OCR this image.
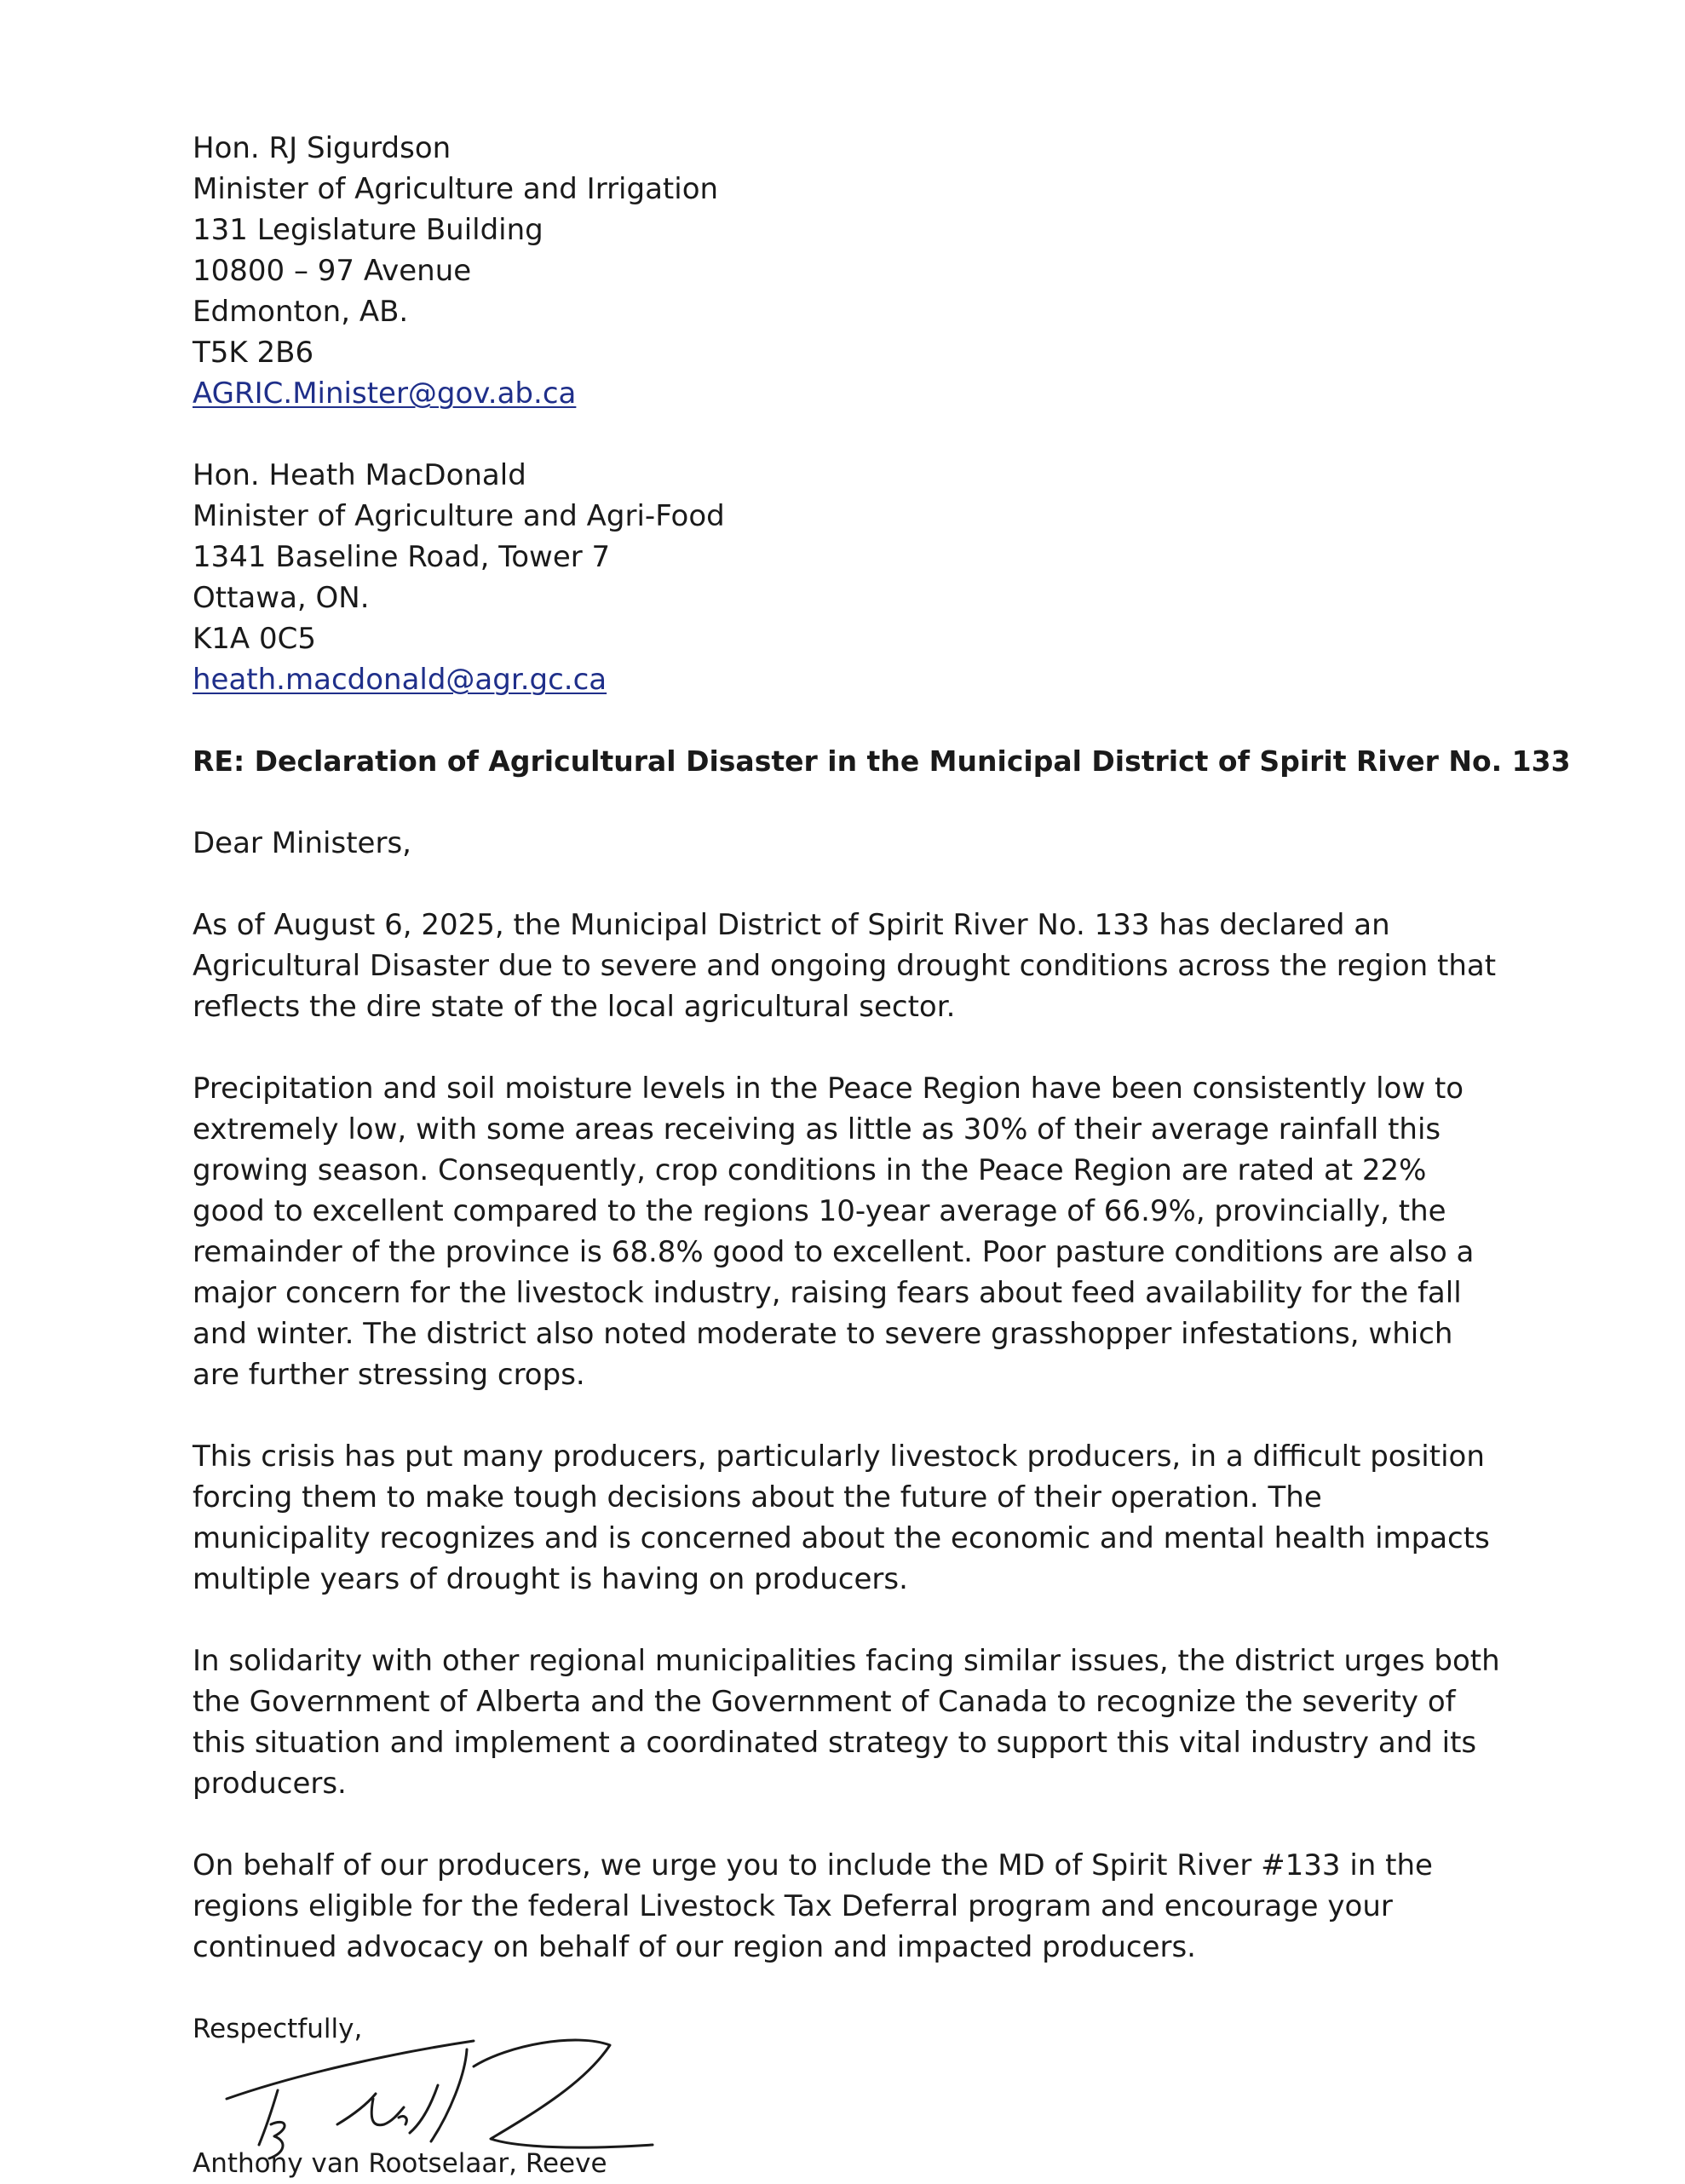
Hon. RJ Sigurdson
Minister of Agriculture and Irrigation
131 Legislature Building
10800 – 97 Avenue
Edmonton, AB.
T5K 2B6
AGRIC.Minister@gov.ab.ca
Hon. Heath MacDonald
Minister of Agriculture and Agri-Food
1341 Baseline Road, Tower 7
Ottawa, ON.
K1A 0C5
heath.macdonald@agr.gc.ca
RE: Declaration of Agricultural Disaster in the Municipal District of Spirit River No. 133
Dear Ministers,

As of August 6, 2025, the Municipal District of Spirit River No. 133 has declared an Agricultural Disaster due to severe and ongoing drought conditions across the region that reflects the dire state of the local agricultural sector.

Precipitation and soil moisture levels in the Peace Region have been consistently low to extremely low, with some areas receiving as little as 30% of their average rainfall this growing season. Consequently, crop conditions in the Peace Region are rated at 22% good to excellent compared to the regions 10-year average of 66.9%, provincially, the remainder of the province is 68.8% good to excellent. Poor pasture conditions are also a major concern for the livestock industry, raising fears about feed availability for the fall and winter. The district also noted moderate to severe grasshopper infestations, which are further stressing crops.

This crisis has put many producers, particularly livestock producers, in a difficult position forcing them to make tough decisions about the future of their operation. The municipality recognizes and is concerned about the economic and mental health impacts multiple years of drought is having on producers.

In solidarity with other regional municipalities facing similar issues, the district urges both the Government of Alberta and the Government of Canada to recognize the severity of this situation and implement a coordinated strategy to support this vital industry and its producers.

On behalf of our producers, we urge you to include the MD of Spirit River #133 in the regions eligible for the federal Livestock Tax Deferral program and encourage your continued advocacy on behalf of our region and impacted producers.

Respectfully,
Anthony van Rootselaar, Reeve
